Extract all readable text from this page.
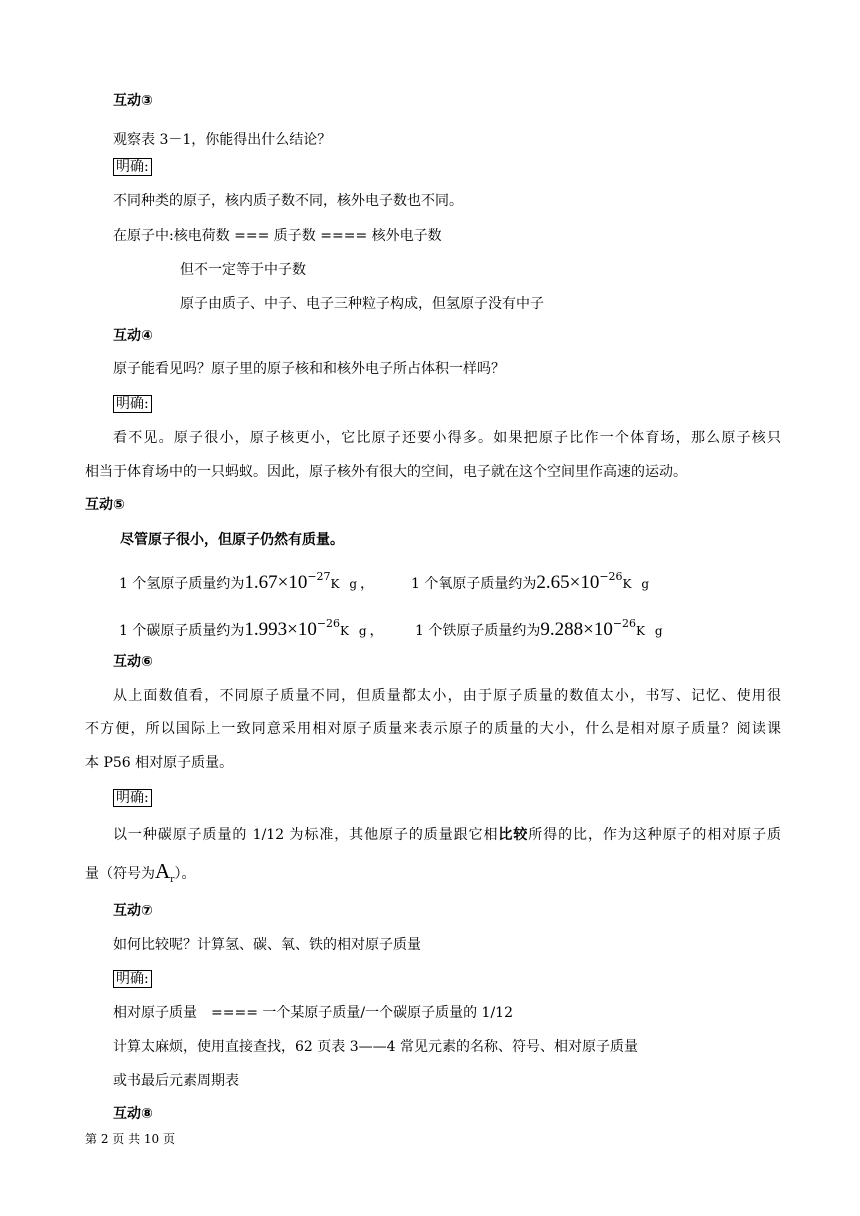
互动③
观察表 3－1，你能得出什么结论？
明确:
不同种类的原子，核内质子数不同，核外电子数也不同。
在原子中:核电荷数 === 质子数 ==== 核外电子数
但不一定等于中子数
原子由质子、中子、电子三种粒子构成，但氢原子没有中子
互动④
原子能看见吗？原子里的原子核和和核外电子所占体积一样吗？
明确:
看不见。原子很小，原子核更小，它比原子还要小得多。如果把原子比作一个体育场，那么原子核只
相当于体育场中的一只蚂蚁。因此，原子核外有很大的空间，电子就在这个空间里作高速的运动。
互动⑤
尽管原子很小，但原子仍然有质量。
1 个氢原子质量约为$1.67\times 10^{-27}K$ g，	1 个氧原子质量约为$2.65\times 10^{-26}K$ g
1 个碳原子质量约为$1.993\times 10^{-26}K$ g， 1 个铁原子质量约为$9.288\times 10^{-26}K$ g
互动⑥
从上面数值看，不同原子质量不同，但质量都太小，由于原子质量的数值太小，书写、记忆、使用很
不方便，所以国际上一致同意采用相对原子质量来表示原子的质量的大小，什么是相对原子质量？阅读课
本 P56 相对原子质量。
明确:
以一种碳原子质量的 1/12 为标准，其他原子的质量跟它相比较所得的比，作为这种原子的相对原子质
量（符号为$A_r$）。
互动⑦
如何比较呢？计算氢、碳、氧、铁的相对原子质量
明确:
相对原子质量　==== 一个某原子质量/一个碳原子质量的 1/12
计算太麻烦，使用直接查找，62 页表 3——4 常见元素的名称、符号、相对原子质量
或书最后元素周期表
互动⑧
第 2 页 共 10 页
